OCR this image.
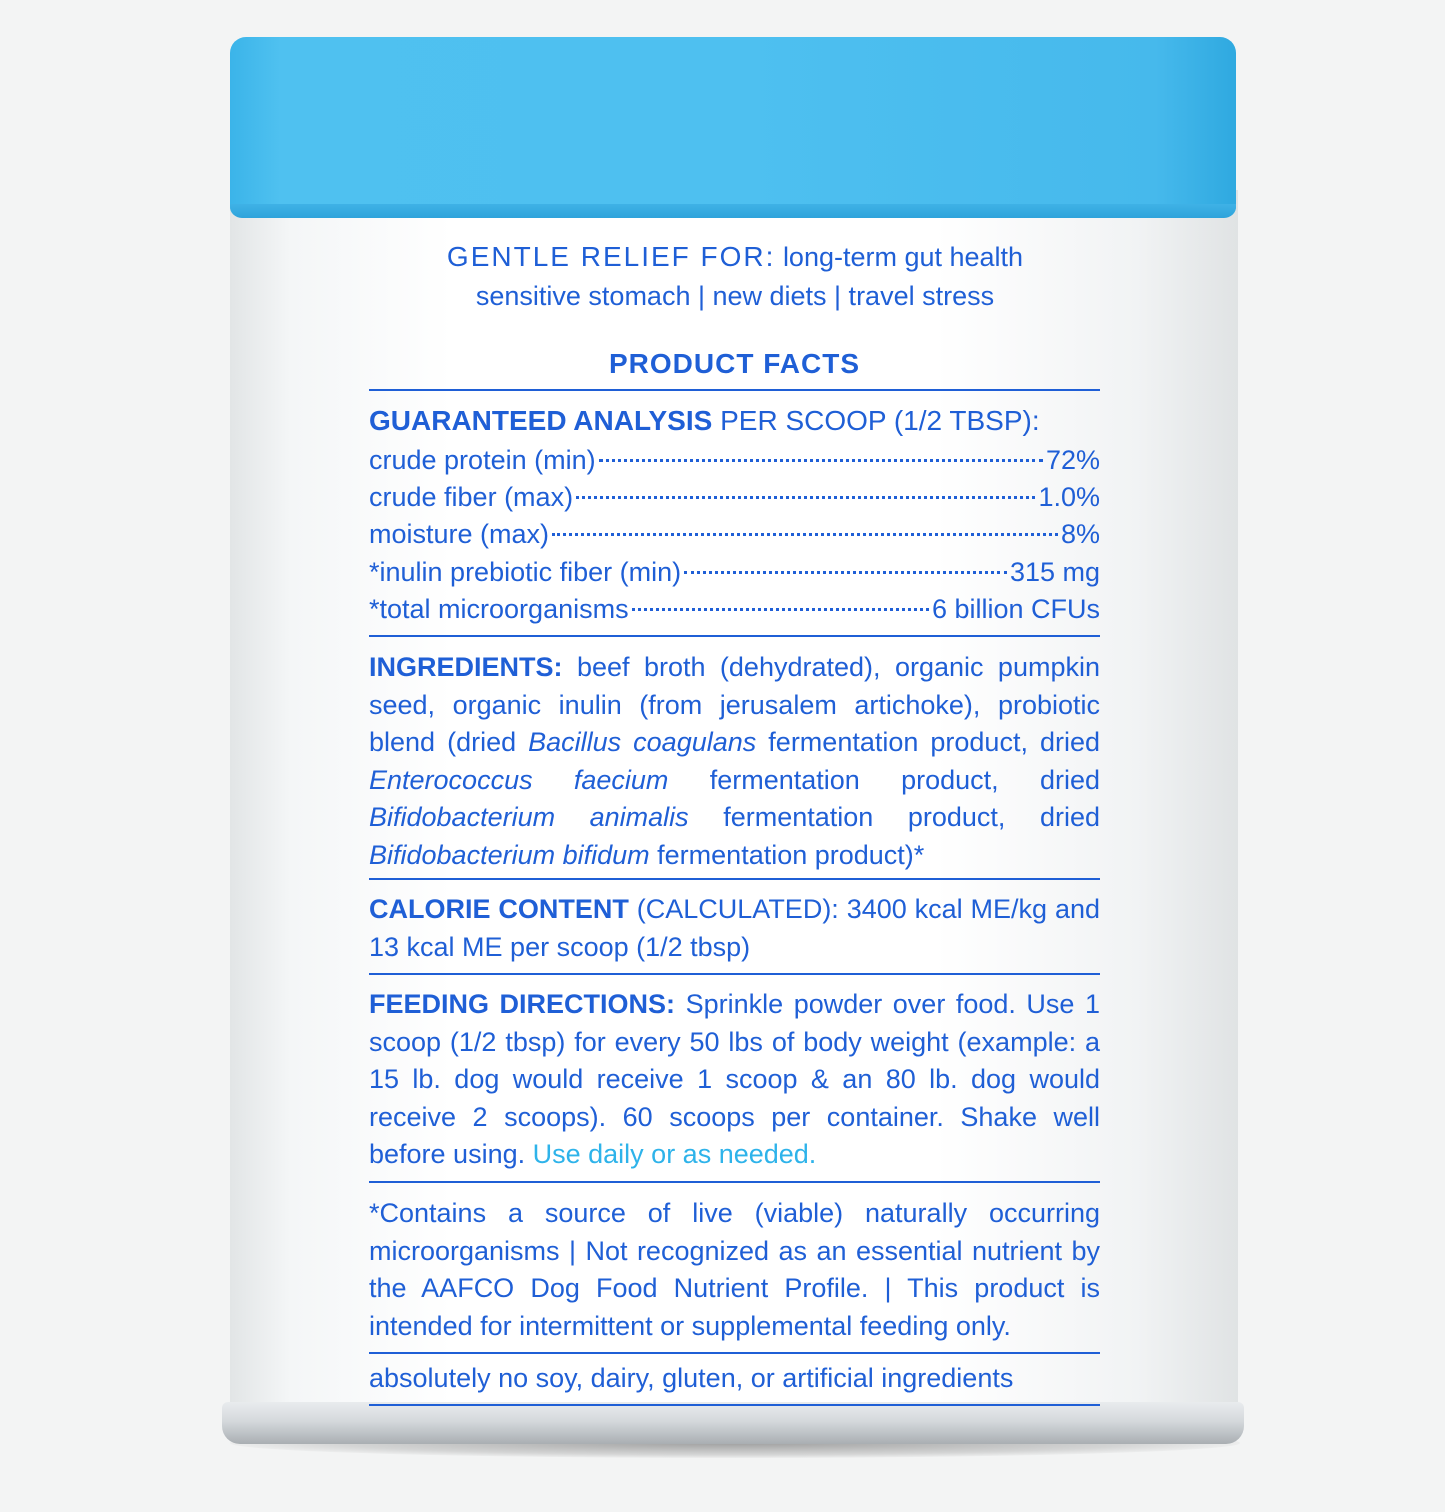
GENTLE RELIEF FOR: long-term gut health
sensitive stomach | new diets | travel stress
PRODUCT FACTS
GUARANTEED ANALYSIS PER SCOOP (1/2 TBSP):
crude protein (min)	72%
crude fiber (max)	1.0%
moisture (max)	8%
*inulin prebiotic fiber (min)	315 mg
*total microorganisms	6 billion CFUs
INGREDIENTS: beef broth (dehydrated), organic pumpkin seed, organic inulin (from jerusalem artichoke), probiotic blend (dried Bacillus coagulans fermentation product, dried Enterococcus faecium fermentation product, dried Bifidobacterium animalis fermentation product, dried Bifidobacterium bifidum fermentation product)*
CALORIE CONTENT (CALCULATED): 3400 kcal ME/kg and 13 kcal ME per scoop (1/2 tbsp)
FEEDING DIRECTIONS: Sprinkle powder over food. Use 1 scoop (1/2 tbsp) for every 50 lbs of body weight (example: a 15 lb. dog would receive 1 scoop & an 80 lb. dog would receive 2 scoops). 60 scoops per container. Shake well before using. Use daily or as needed.
*Contains a source of live (viable) naturally occurring microorganisms | Not recognized as an essential nutrient by the AAFCO Dog Food Nutrient Profile. | This product is intended for intermittent or supplemental feeding only.
absolutely no soy, dairy, gluten, or artificial ingredients
